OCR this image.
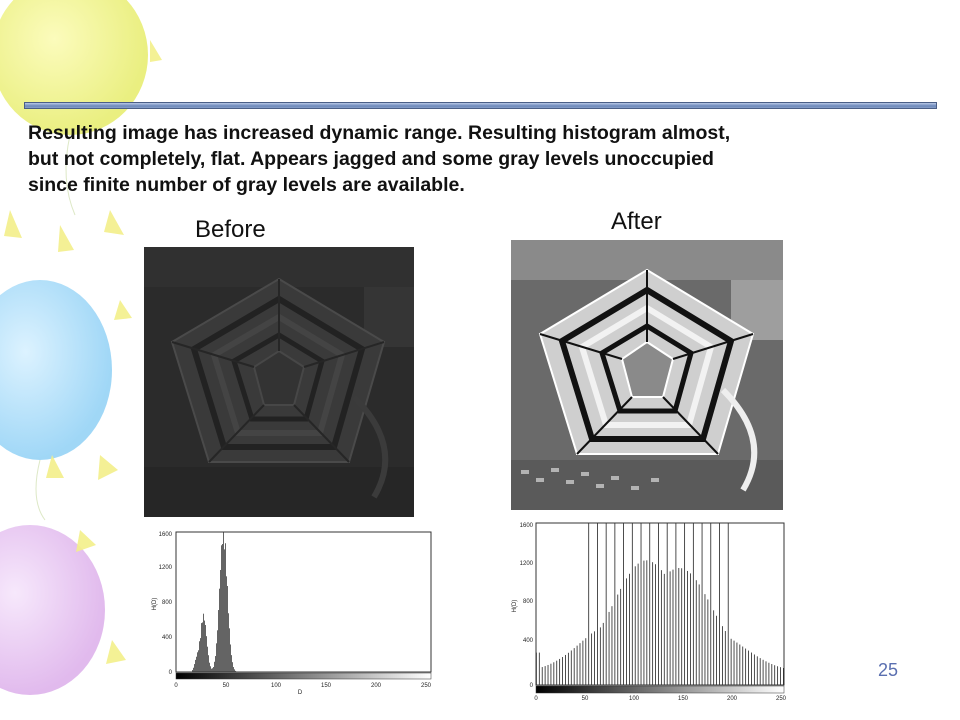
Resulting image has increased dynamic range. Resulting histogram almost,
but not completely, flat. Appears jagged and some gray levels unoccupied
since finite number of gray levels are available.
Before	After
0
400
800
1200
1600
0	50	100	150	200	250
D
H(D)
0
400
800
1200
1600
0	50	100	150	200	250
H(D)
25
